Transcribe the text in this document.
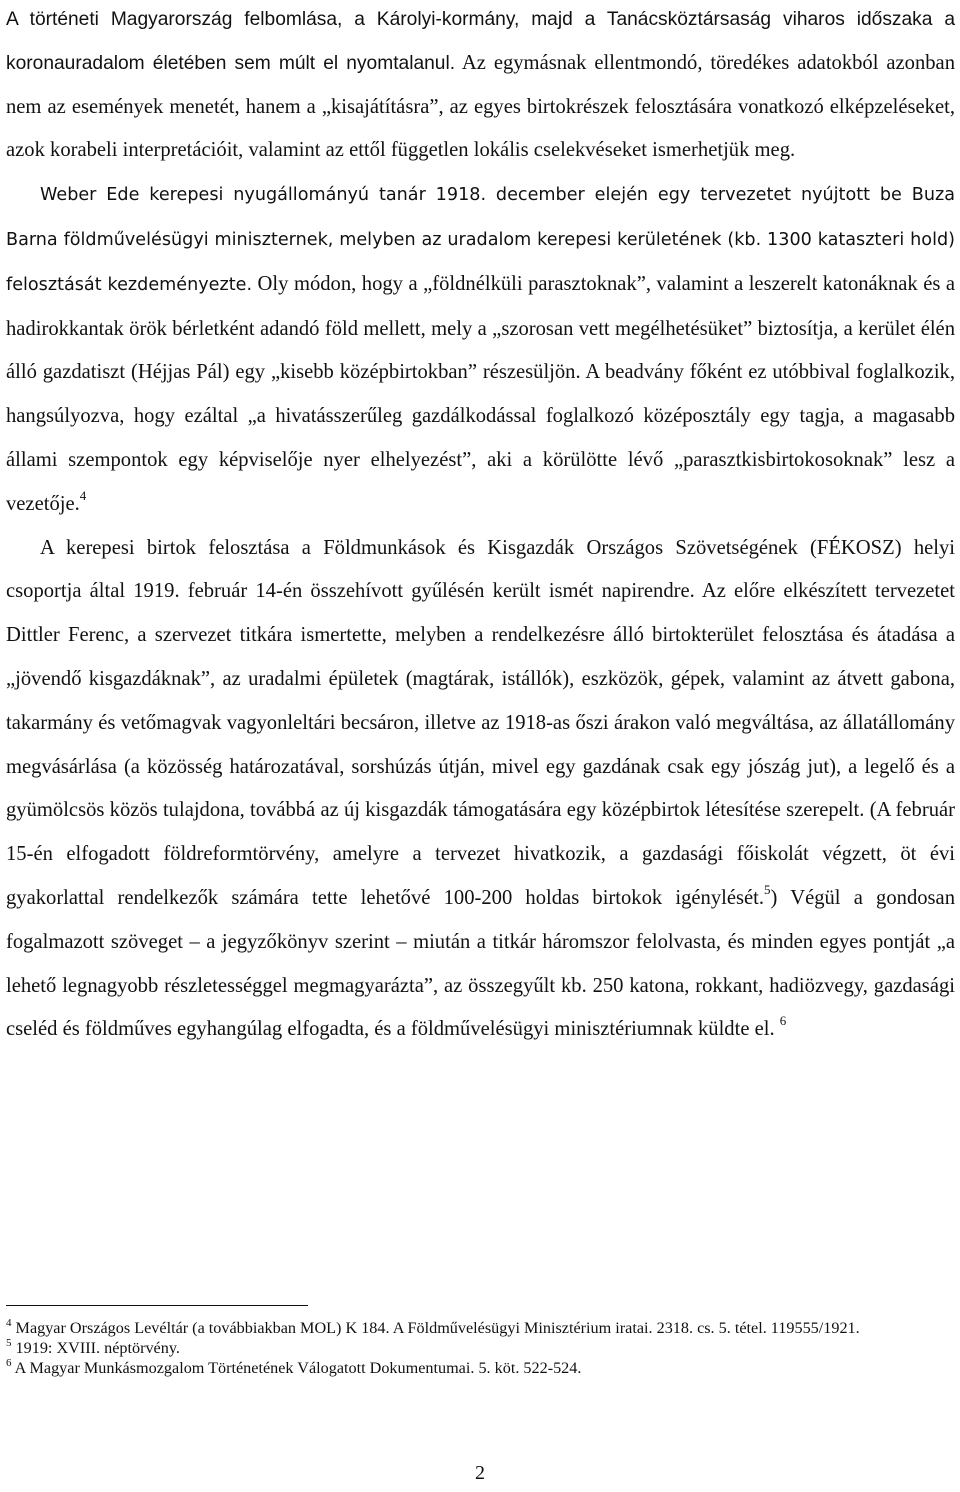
A történeti Magyarország felbomlása, a Károlyi-kormány, majd a Tanácsköztársaság viharos időszaka a koronauradalom életében sem múlt el nyomtalanul. Az egymásnak ellentmondó, töredékes adatokból azonban nem az események menetét, hanem a „kisajátításra”, az egyes birtokrészek felosztására vonatkozó elképzeléseket, azok korabeli interpretációit, valamint az ettől független lokális cselekvéseket ismerhetjük meg.

Weber Ede kerepesi nyugállományú tanár 1918. december elején egy tervezetet nyújtott be Buza Barna földművelésügyi miniszternek, melyben az uradalom kerepesi kerületének (kb. 1300 kataszteri hold) felosztását kezdeményezte. Oly módon, hogy a „földnélküli parasztoknak”, valamint a leszerelt katonáknak és a hadirokkantak örök bérletként adandó föld mellett, mely a „szorosan vett megélhetésüket” biztosítja, a kerület élén álló gazdatiszt (Héjjas Pál) egy „kisebb középbirtokban” részesüljön. A beadvány főként ez utóbbival foglalkozik, hangsúlyozva, hogy ezáltal „a hivatásszerűleg gazdálkodással foglalkozó középosztály egy tagja, a magasabb állami szempontok egy képviselője nyer elhelyezést”, aki a körülötte lévő „parasztkisbirtokosoknak” lesz a vezetője.$^4$

A kerepesi birtok felosztása a Földmunkások és Kisgazdák Országos Szövetségének (FÉKOSZ) helyi csoportja által 1919. február 14-én összehívott gyűlésén került ismét napirendre. Az előre elkészített tervezetet Dittler Ferenc, a szervezet titkára ismertette, melyben a rendelkezésre álló birtokterület felosztása és átadása a „jövendő kisgazdáknak”, az uradalmi épületek (magtárak, istállók), eszközök, gépek, valamint az átvett gabona, takarmány és vetőmagvak vagyonleltári becsáron, illetve az 1918-as őszi árakon való megváltása, az állatállomány megvásárlása (a közösség határozatával, sorshúzás útján, mivel egy gazdának csak egy jószág jut), a legelő és a gyümölcsös közös tulajdona, továbbá az új kisgazdák támogatására egy középbirtok létesítése szerepelt. (A február 15-én elfogadott földreformtörvény, amelyre a tervezet hivatkozik, a gazdasági főiskolát végzett, öt évi gyakorlattal rendelkezők számára tette lehetővé 100-200 holdas birtokok igénylését.$^5$) Végül a gondosan fogalmazott szöveget – a jegyzőkönyv szerint – miután a titkár háromszor felolvasta, és minden egyes pontját „a lehető legnagyobb részletességgel megmagyarázta”, az összegyűlt kb. 250 katona, rokkant, hadiözvegy, gazdasági cseléd és földműves egyhangúlag elfogadta, és a földművelésügyi minisztériumnak küldte el. $^6$

$^4$ Magyar Országos Levéltár (a továbbiakban MOL) K 184. A Földművelésügyi Minisztérium iratai. 2318. cs. 5. tétel. 119555/1921.

$^5$ 1919: XVIII. néptörvény.

$^6$ A Magyar Munkásmozgalom Történetének Válogatott Dokumentumai. 5. köt. 522-524.

2
